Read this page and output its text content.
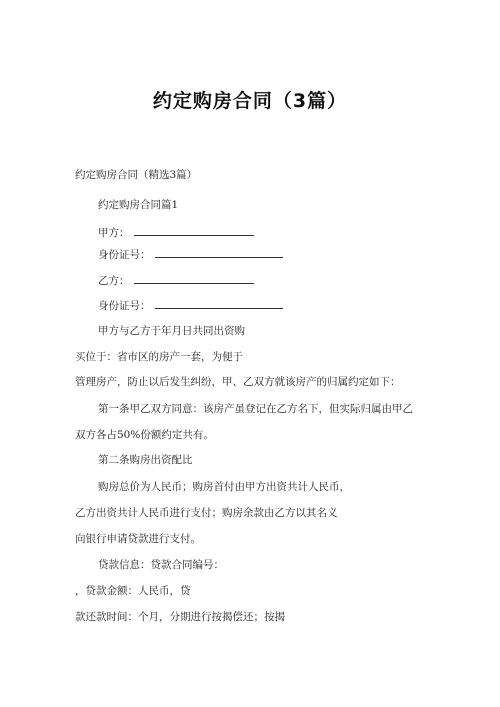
约定购房合同（3篇）
约定购房合同（精选3篇）
约定购房合同篇1
甲方：
身份证号：
乙方：
身份证号：
甲方与乙方于年月日共同出资购
买位于：省市区的房产一套，为便于
管理房产，防止以后发生纠纷，甲、乙双方就该房产的归属约定如下：
第一条甲乙双方同意：该房产虽登记在乙方名下，但实际归属由甲乙
双方各占50%份额约定共有。
第二条购房出资配比
购房总价为人民币；购房首付由甲方出资共计人民币，
乙方出资共计人民币进行支付；购房余款由乙方以其名义
向银行申请贷款进行支付。
贷款信息：贷款合同编号：
，贷款金额：人民币，贷
款还款时间：个月，分期进行按揭偿还；按揭
